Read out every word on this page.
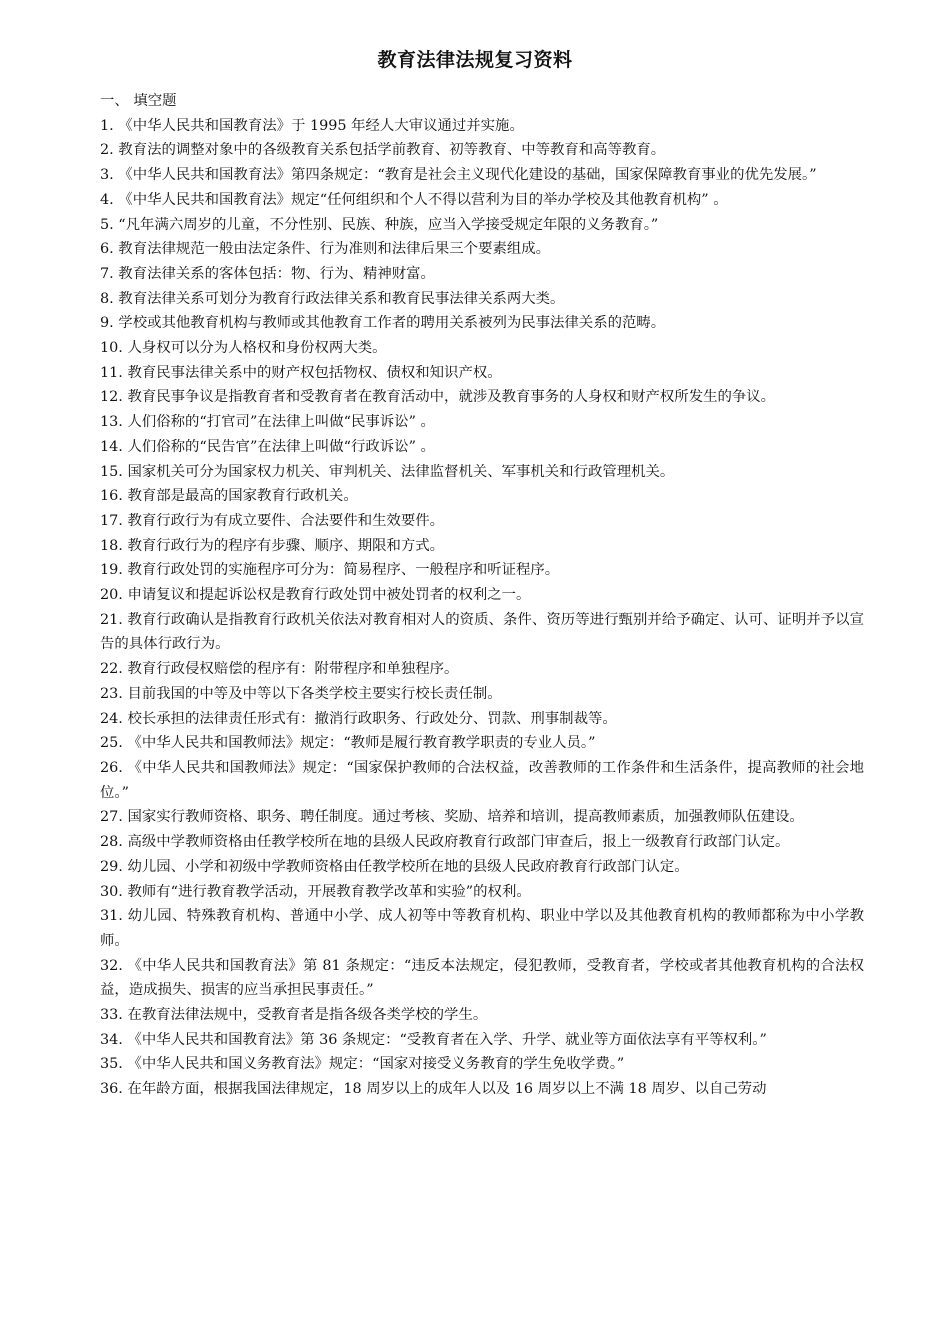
教育法律法规复习资料
一、 填空题

1. 《中华人民共和国教育法》于 1995 年经人大审议通过并实施。

2. 教育法的调整对象中的各级教育关系包括学前教育、初等教育、中等教育和高等教育。

3. 《中华人民共和国教育法》第四条规定：“教育是社会主义现代化建设的基础，国家保障教育事业的优先发展。”

4. 《中华人民共和国教育法》规定“任何组织和个人不得以营利为目的举办学校及其他教育机构” 。

5. “凡年满六周岁的儿童，不分性别、民族、种族，应当入学接受规定年限的义务教育。”

6. 教育法律规范一般由法定条件、行为准则和法律后果三个要素组成。

7. 教育法律关系的客体包括：物、行为、精神财富。

8. 教育法律关系可划分为教育行政法律关系和教育民事法律关系两大类。

9. 学校或其他教育机构与教师或其他教育工作者的聘用关系被列为民事法律关系的范畴。

10. 人身权可以分为人格权和身份权两大类。

11. 教育民事法律关系中的财产权包括物权、债权和知识产权。

12. 教育民事争议是指教育者和受教育者在教育活动中，就涉及教育事务的人身权和财产权所发生的争议。

13. 人们俗称的“打官司”在法律上叫做“民事诉讼” 。

14. 人们俗称的“民告官”在法律上叫做“行政诉讼” 。

15. 国家机关可分为国家权力机关、审判机关、法律监督机关、军事机关和行政管理机关。

16. 教育部是最高的国家教育行政机关。

17. 教育行政行为有成立要件、合法要件和生效要件。

18. 教育行政行为的程序有步骤、顺序、期限和方式。

19. 教育行政处罚的实施程序可分为：简易程序、一般程序和听证程序。

20. 申请复议和提起诉讼权是教育行政处罚中被处罚者的权利之一。

21. 教育行政确认是指教育行政机关依法对教育相对人的资质、条件、资历等进行甄别并给予确定、认可、证明并予以宣告的具体行政行为。

22. 教育行政侵权赔偿的程序有：附带程序和单独程序。

23. 目前我国的中等及中等以下各类学校主要实行校长责任制。

24. 校长承担的法律责任形式有：撤消行政职务、行政处分、罚款、刑事制裁等。

25. 《中华人民共和国教师法》规定：“教师是履行教育教学职责的专业人员。”

26. 《中华人民共和国教师法》规定：“国家保护教师的合法权益，改善教师的工作条件和生活条件，提高教师的社会地位。”

27. 国家实行教师资格、职务、聘任制度。通过考核、奖励、培养和培训，提高教师素质，加强教师队伍建设。

28. 高级中学教师资格由任教学校所在地的县级人民政府教育行政部门审查后，报上一级教育行政部门认定。

29. 幼儿园、小学和初级中学教师资格由任教学校所在地的县级人民政府教育行政部门认定。

30. 教师有“进行教育教学活动，开展教育教学改革和实验”的权利。

31. 幼儿园、特殊教育机构、普通中小学、成人初等中等教育机构、职业中学以及其他教育机构的教师都称为中小学教师。

32. 《中华人民共和国教育法》第 81 条规定：“违反本法规定，侵犯教师，受教育者，学校或者其他教育机构的合法权益，造成损失、损害的应当承担民事责任。”

33. 在教育法律法规中，受教育者是指各级各类学校的学生。

34. 《中华人民共和国教育法》第 36 条规定：“受教育者在入学、升学、就业等方面依法享有平等权利。”

35. 《中华人民共和国义务教育法》规定：“国家对接受义务教育的学生免收学费。”

36. 在年龄方面，根据我国法律规定，18 周岁以上的成年人以及 16 周岁以上不满 18 周岁、以自己劳动
